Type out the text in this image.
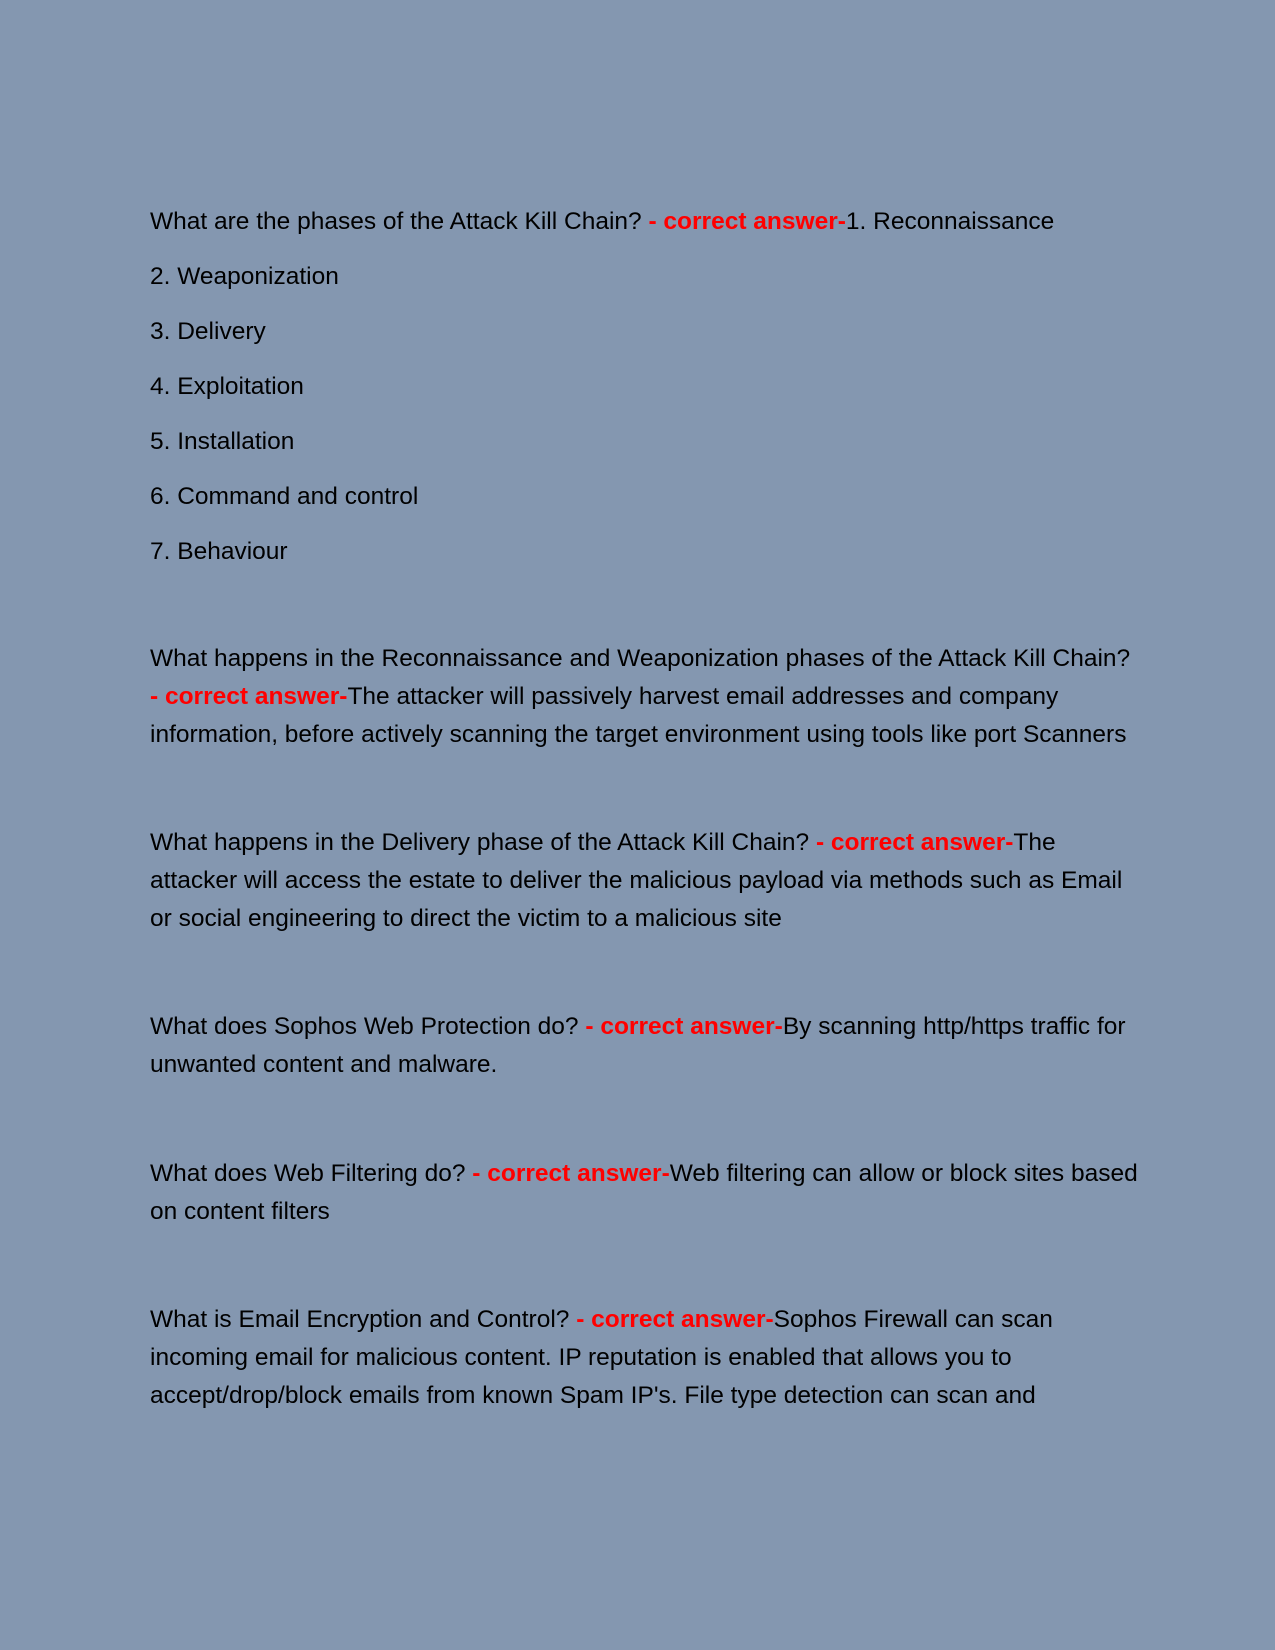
What are the phases of the Attack Kill Chain? - correct answer-1. Reconnaissance

2. Weaponization
3. Delivery
4. Exploitation
5. Installation
6. Command and control
7. Behaviour

What happens in the Reconnaissance and Weaponization phases of the Attack Kill Chain? - correct answer-The attacker will passively harvest email addresses and company information, before actively scanning the target environment using tools like port Scanners

What happens in the Delivery phase of the Attack Kill Chain? - correct answer-The attacker will access the estate to deliver the malicious payload via methods such as Email or social engineering to direct the victim to a malicious site

What does Sophos Web Protection do? - correct answer-By scanning http/https traffic for unwanted content and malware.

What does Web Filtering do? - correct answer-Web filtering can allow or block sites based on content filters

What is Email Encryption and Control? - correct answer-Sophos Firewall can scan incoming email for malicious content. IP reputation is enabled that allows you to accept/drop/block emails from known Spam IP's. File type detection can scan and
